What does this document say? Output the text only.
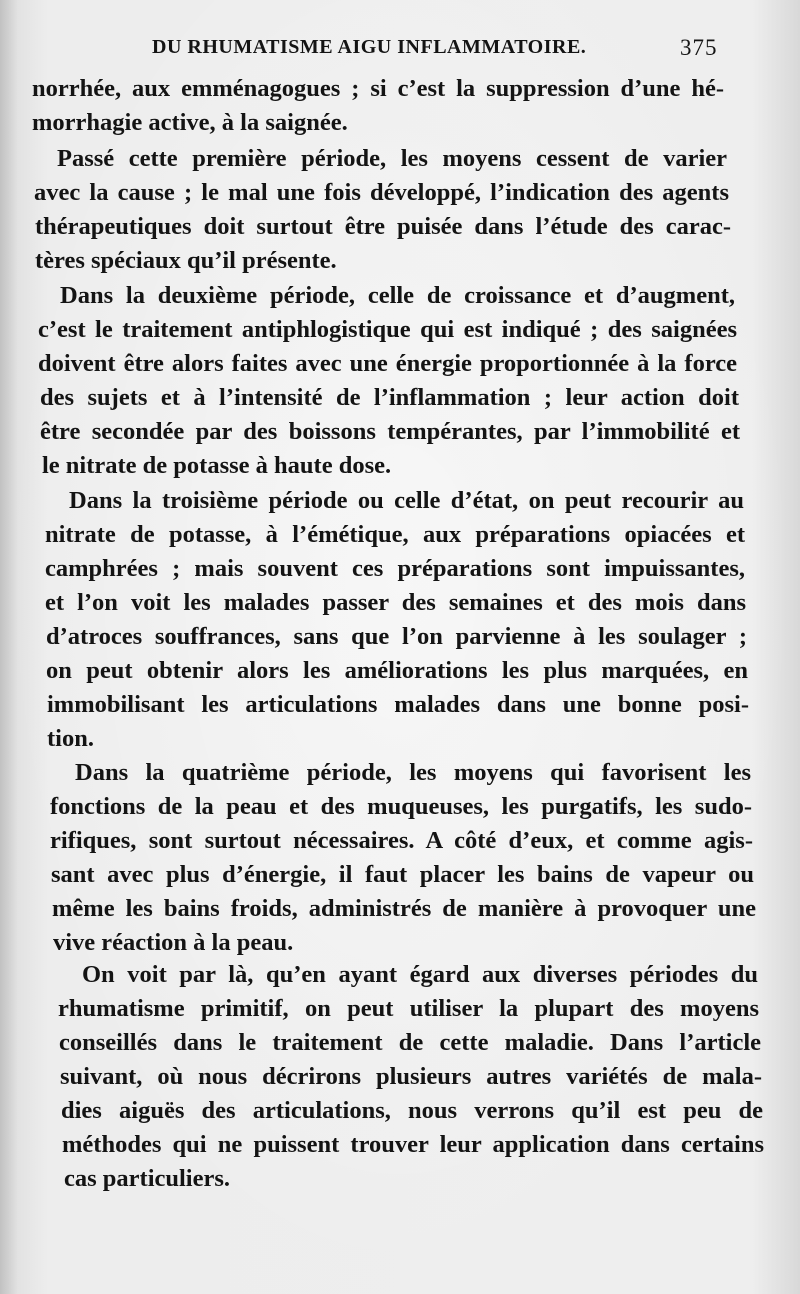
DU RHUMATISME AIGU INFLAMMATOIRE.	375
norrhée, aux emménagogues ; si c’est la suppression d’une hé-
morrhagie active, à la saignée.
Passé cette première période, les moyens cessent de varier
avec la cause ; le mal une fois développé, l’indication des agents
thérapeutiques doit surtout être puisée dans l’étude des carac-
tères spéciaux qu’il présente.
Dans la deuxième période, celle de croissance et d’augment,
c’est le traitement antiphlogistique qui est indiqué ; des saignées
doivent être alors faites avec une énergie proportionnée à la force
des sujets et à l’intensité de l’inflammation ; leur action doit
être secondée par des boissons tempérantes, par l’immobilité et
le nitrate de potasse à haute dose.
Dans la troisième période ou celle d’état, on peut recourir au
nitrate de potasse, à l’émétique, aux préparations opiacées et
camphrées ; mais souvent ces préparations sont impuissantes,
et l’on voit les malades passer des semaines et des mois dans
d’atroces souffrances, sans que l’on parvienne à les soulager ;
on peut obtenir alors les améliorations les plus marquées, en
immobilisant les articulations malades dans une bonne posi-
tion.
Dans la quatrième période, les moyens qui favorisent les
fonctions de la peau et des muqueuses, les purgatifs, les sudo-
rifiques, sont surtout nécessaires. A côté d’eux, et comme agis-
sant avec plus d’énergie, il faut placer les bains de vapeur ou
même les bains froids, administrés de manière à provoquer une
vive réaction à la peau.
On voit par là, qu’en ayant égard aux diverses périodes du
rhumatisme primitif, on peut utiliser la plupart des moyens
conseillés dans le traitement de cette maladie. Dans l’article
suivant, où nous décrirons plusieurs autres variétés de mala-
dies aiguës des articulations, nous verrons qu’il est peu de
méthodes qui ne puissent trouver leur application dans certains
cas particuliers.
